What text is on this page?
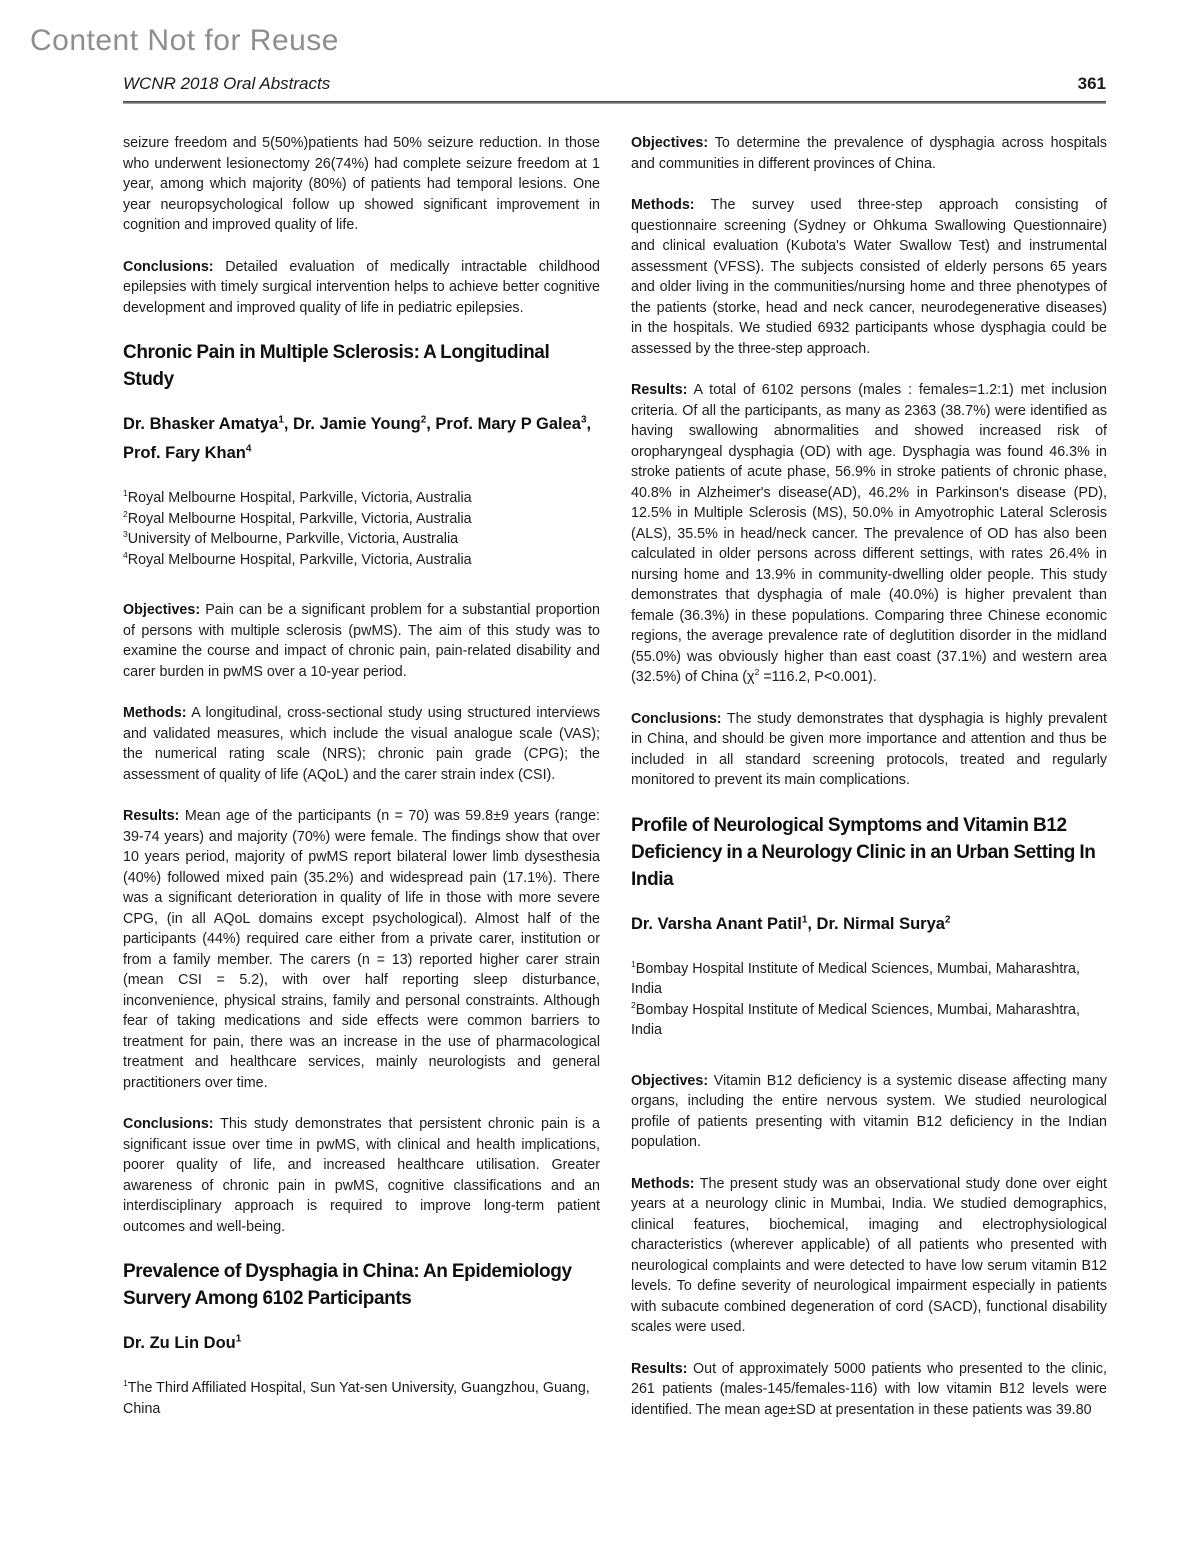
Content Not for Reuse
WCNR 2018 Oral Abstracts	361

seizure freedom and 5(50%)patients had 50% seizure reduction. In those who underwent lesionectomy 26(74%) had complete seizure freedom at 1 year, among which majority (80%) of patients had temporal lesions. One year neuropsychological follow up showed significant improvement in cognition and improved quality of life.

Conclusions: Detailed evaluation of medically intractable childhood epilepsies with timely surgical intervention helps to achieve better cognitive development and improved quality of life in pediatric epilepsies.

Chronic Pain in Multiple Sclerosis: A Longitudinal Study

Dr. Bhasker Amatya$^1$, Dr. Jamie Young$^2$, Prof. Mary P Galea$^3$, Prof. Fary Khan$^4$

$^1$Royal Melbourne Hospital, Parkville, Victoria, Australia
$^2$Royal Melbourne Hospital, Parkville, Victoria, Australia
$^3$University of Melbourne, Parkville, Victoria, Australia
$^4$Royal Melbourne Hospital, Parkville, Victoria, Australia

Objectives: Pain can be a significant problem for a substantial proportion of persons with multiple sclerosis (pwMS). The aim of this study was to examine the course and impact of chronic pain, pain-related disability and carer burden in pwMS over a 10-year period.

Methods: A longitudinal, cross-sectional study using structured interviews and validated measures, which include the visual analogue scale (VAS); the numerical rating scale (NRS); chronic pain grade (CPG); the assessment of quality of life (AQoL) and the carer strain index (CSI).

Results: Mean age of the participants (n = 70) was 59.8±9 years (range: 39-74 years) and majority (70%) were female. The findings show that over 10 years period, majority of pwMS report bilateral lower limb dysesthesia (40%) followed mixed pain (35.2%) and widespread pain (17.1%). There was a significant deterioration in quality of life in those with more severe CPG, (in all AQoL domains except psychological). Almost half of the participants (44%) required care either from a private carer, institution or from a family member. The carers (n = 13) reported higher carer strain (mean CSI = 5.2), with over half reporting sleep disturbance, inconvenience, physical strains, family and personal constraints. Although fear of taking medications and side effects were common barriers to treatment for pain, there was an increase in the use of pharmacological treatment and healthcare services, mainly neurologists and general practitioners over time.

Conclusions: This study demonstrates that persistent chronic pain is a significant issue over time in pwMS, with clinical and health implications, poorer quality of life, and increased healthcare utilisation. Greater awareness of chronic pain in pwMS, cognitive classifications and an interdisciplinary approach is required to improve long-term patient outcomes and well-being.

Prevalence of Dysphagia in China: An Epidemiology Survery Among 6102 Participants

Dr. Zu Lin Dou$^1$

$^1$The Third Affiliated Hospital, Sun Yat-sen University, Guangzhou, Guang, China

Objectives: To determine the prevalence of dysphagia across hospitals and communities in different provinces of China.

Methods: The survey used three-step approach consisting of questionnaire screening (Sydney or Ohkuma Swallowing Questionnaire) and clinical evaluation (Kubota's Water Swallow Test) and instrumental assessment (VFSS). The subjects consisted of elderly persons 65 years and older living in the communities/nursing home and three phenotypes of the patients (storke, head and neck cancer, neurodegenerative diseases) in the hospitals. We studied 6932 participants whose dysphagia could be assessed by the three-step approach.

Results: A total of 6102 persons (males : females=1.2:1) met inclusion criteria. Of all the participants, as many as 2363 (38.7%) were identified as having swallowing abnormalities and showed increased risk of oropharyngeal dysphagia (OD) with age. Dysphagia was found 46.3% in stroke patients of acute phase, 56.9% in stroke patients of chronic phase, 40.8% in Alzheimer's disease(AD), 46.2% in Parkinson's disease (PD), 12.5% in Multiple Sclerosis (MS), 50.0% in Amyotrophic Lateral Sclerosis (ALS), 35.5% in head/neck cancer. The prevalence of OD has also been calculated in older persons across different settings, with rates 26.4% in nursing home and 13.9% in community-dwelling older people. This study demonstrates that dysphagia of male (40.0%) is higher prevalent than female (36.3%) in these populations. Comparing three Chinese economic regions, the average prevalence rate of deglutition disorder in the midland (55.0%) was obviously higher than east coast (37.1%) and western area (32.5%) of China ($\chi^2 =116.2$, P<0.001).

Conclusions: The study demonstrates that dysphagia is highly prevalent in China, and should be given more importance and attention and thus be included in all standard screening protocols, treated and regularly monitored to prevent its main complications.

Profile of Neurological Symptoms and Vitamin B12 Deficiency in a Neurology Clinic in an Urban Setting In India

Dr. Varsha Anant Patil$^1$, Dr. Nirmal Surya$^2$

$^1$Bombay Hospital Institute of Medical Sciences, Mumbai, Maharashtra, India
$^2$Bombay Hospital Institute of Medical Sciences, Mumbai, Maharashtra, India

Objectives: Vitamin B12 deficiency is a systemic disease affecting many organs, including the entire nervous system. We studied neurological profile of patients presenting with vitamin B12 deficiency in the Indian population.

Methods: The present study was an observational study done over eight years at a neurology clinic in Mumbai, India. We studied demographics, clinical features, biochemical, imaging and electrophysiological characteristics (wherever applicable) of all patients who presented with neurological complaints and were detected to have low serum vitamin B12 levels. To define severity of neurological impairment especially in patients with subacute combined degeneration of cord (SACD), functional disability scales were used.

Results: Out of approximately 5000 patients who presented to the clinic, 261 patients (males-145/females-116) with low vitamin B12 levels were identified. The mean age±SD at presentation in these patients was 39.80
